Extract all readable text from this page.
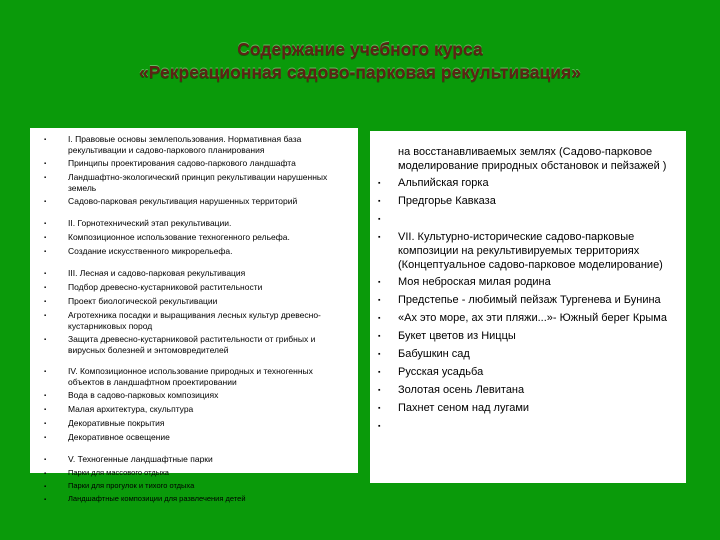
Содержание учебного курса
«Рекреационная садово-парковая рекультивация»
▪	I. Правовые основы землепользования. Нормативная база рекультивации и садово-паркового планирования
▪	Принципы проектирования садово-паркового ландшафта
▪	Ландшафтно-экологический принцип рекультивации нарушенных земель
▪	Садово-парковая рекультивация нарушенных территорий
▪	II. Горнотехнический этап рекультивации.
▪	Композиционное использование техногенного рельефа.
▪	Создание искусственного микрорельефа.
▪	III. Лесная и садово-парковая рекультивация
▪	Подбор древесно-кустарниковой растительности
▪	Проект биологической рекультивации
▪	Агротехника посадки и выращивания лесных культур древесно-кустарниковых пород
▪	Защита древесно-кустарниковой растительности от грибных и вирусных болезней и энтомовредителей
▪	IV. Композиционное использование природных и техногенных объектов в ландшафтном проектировании
▪	Вода в садово-парковых композициях
▪	Малая архитектура, скульптура
▪	Декоративные покрытия
▪	Декоративное освещение
▪	V. Техногенные ландшафтные парки
▪	Парки для массового отдыха
▪	Парки для прогулок и тихого отдыха
▪	Ландшафтные композиции для развлечения детей
на восстанавливаемых землях (Садово-парковое моделирование природных обстановок и пейзажей )
▪	Альпийская горка
▪	Предгорье Кавказа
▪
▪	VII. Культурно-исторические садово-парковые композиции на рекультивируемых территориях (Концептуальное садово-парковое моделирование)
▪	Моя неброская милая родина
▪	Предстепье - любимый пейзаж Тургенева и Бунина
▪	«Ах это море, ах эти пляжи...»- Южный берег Крыма
▪	Букет цветов из Ниццы
▪	Бабушкин сад
▪	Русская усадьба
▪	Золотая осень Левитана
▪	Пахнет сеном над лугами
▪
